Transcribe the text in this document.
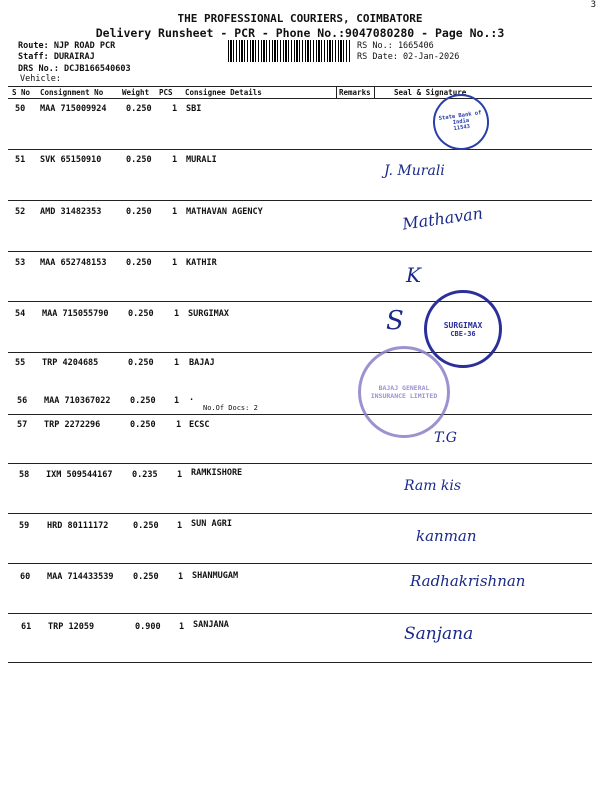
3
THE PROFESSIONAL COURIERS, COIMBATORE
Delivery Runsheet - PCR - Phone No.:9047080280 - Page No.:3
Route: NJP ROAD PCR
Staff: DURAIRAJ
DRS No.: DCJB166540603
Vehicle:
RS No.: 1665406
RS Date: 02-Jan-2026
S No Consignment No	Weight PCS Consignee Details	Remarks	Seal & Signature
50 MAA 715009924 0.250 1 SBI
51 SVK 65150910	0.250 1 MURALI
52 AMD 31482353	0.250 1 MATHAVAN AGENCY
53 MAA 652748153 0.250 1 KATHIR
54 MAA 715055790 0.250 1 SURGIMAX
55 TRP 4204685	0.250 1 BAJAJ
56 MAA 710367022 0.250 1 .
No.Of Docs: 2
57 TRP 2272296	0.250 1 ECSC
58 IXM 509544167 0.235 1 RAMKISHORE
59 HRD 80111172	0.250 1 SUN AGRI
60 MAA 714433539 0.250 1 SHANMUGAM
61 TRP 12059	0.900 1 SANJANA
State Bank of India
11543
SURGIMAX
CBE-36
BAJAJ GENERAL
INSURANCE LIMITED
J. Murali
Mathavan
K
S
T.G
Ram kis
kanman
Radhakrishnan
Sanjana
